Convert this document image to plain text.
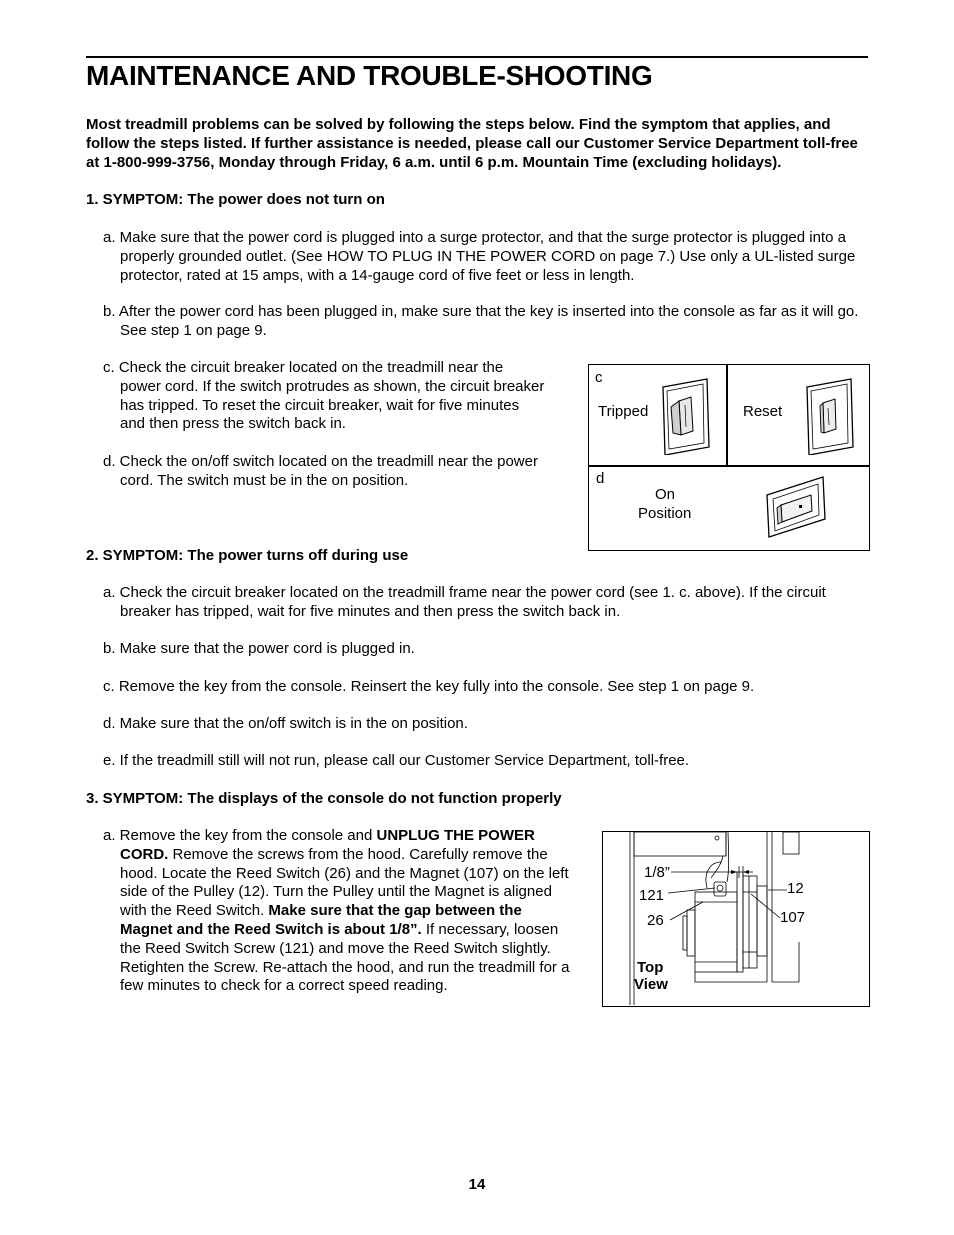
MAINTENANCE AND TROUBLE-SHOOTING

Most treadmill problems can be solved by following the steps below. Find the symptom that applies, and follow the steps listed. If further assistance is needed, please call our Customer Service Department toll-free at 1-800-999-3756, Monday through Friday, 6 a.m. until 6 p.m. Mountain Time (excluding holidays).

1. SYMPTOM: The power does not turn on

a. Make sure that the power cord is plugged into a surge protector, and that the surge protector is plugged into a properly grounded outlet. (See HOW TO PLUG IN THE POWER CORD on page 7.) Use only a UL-listed surge protector, rated at 15 amps, with a 14-gauge cord of five feet or less in length.

b. After the power cord has been plugged in, make sure that the key is inserted into the console as far as it will go. See step 1 on page 9.

c. Check the circuit breaker located on the treadmill near the power cord. If the switch protrudes as shown, the circuit breaker has tripped. To reset the circuit breaker, wait for five minutes and then press the switch back in.

d. Check the on/off switch located on the treadmill near the power cord. The switch must be in the on position.

c
Tripped	Reset
d
On
Position
2. SYMPTOM: The power turns off during use

a. Check the circuit breaker located on the treadmill frame near the power cord (see 1. c. above). If the circuit breaker has tripped, wait for five minutes and then press the switch back in.

b. Make sure that the power cord is plugged in.

c. Remove the key from the console. Reinsert the key fully into the console. See step 1 on page 9.

d. Make sure that the on/off switch is in the on position.

e. If the treadmill still will not run, please call our Customer Service Department, toll-free.

3. SYMPTOM: The displays of the console do not function properly

a. Remove the key from the console and UNPLUG THE POWER CORD. Remove the screws from the hood. Carefully remove the hood. Locate the Reed Switch (26) and the Magnet (107) on the left side of the Pulley (12). Turn the Pulley until the Magnet is aligned with the Reed Switch. Make sure that the gap between the Magnet and the Reed Switch is about 1/8”. If necessary, loosen the Reed Switch Screw (121) and move the Reed Switch slightly. Retighten the Screw. Re-attach the hood, and run the treadmill for a few minutes to check for a correct speed reading.

1/8”
121
26
12
107
Top
View
14
